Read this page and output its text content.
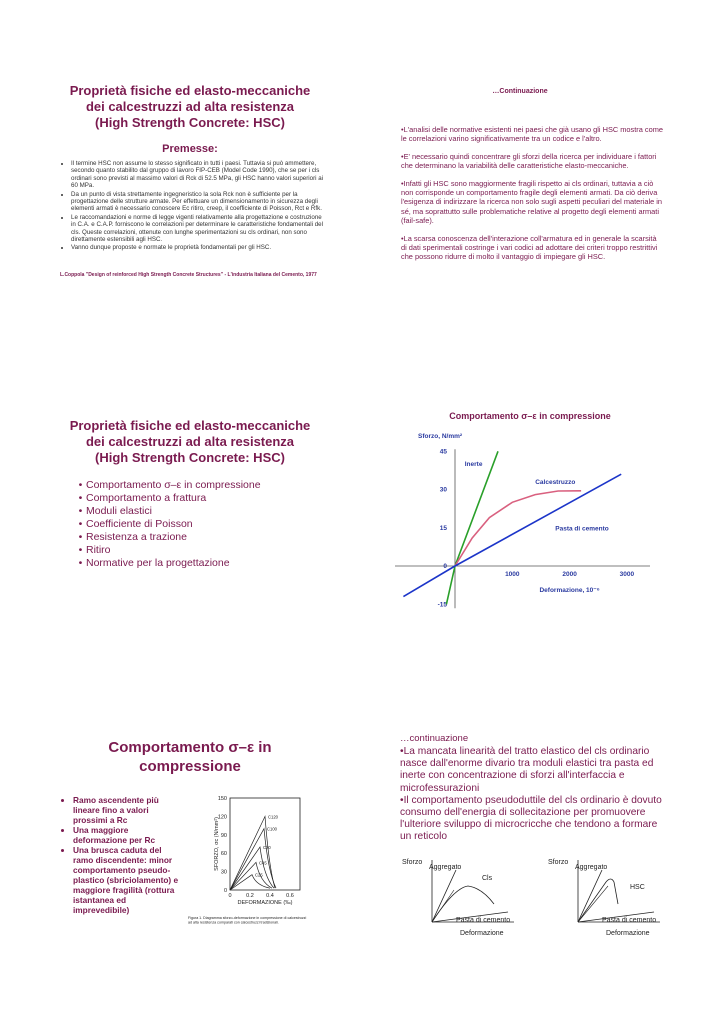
Proprietà fisiche ed elasto-meccaniche
dei calcestruzzi ad alta resistenza
(High Strength Concrete: HSC)
Premesse:
• Il termine HSC non assume lo stesso significato in tutti i paesi. Tuttavia si può ammettere, secondo quanto stabilito dal gruppo di lavoro FIP-CEB (Model Code 1990), che se per i cls ordinari sono previsti al massimo valori di Rck di 52.5 MPa, gli HSC hanno valori superiori ai 60 MPa.
• Da un punto di vista strettamente ingegneristico la sola Rck non è sufficiente per la progettazione delle strutture armate. Per effettuare un dimensionamento in sicurezza degli elementi armati è necessario conoscere Ec ritiro, creep, il coefficiente di Poisson, Rct e Rfk.
• Le raccomandazioni e norme di legge vigenti relativamente alla progettazione e costruzione in C.A. e C.A.P. forniscono le correlazioni per determinare le caratteristiche fondamentali del cls. Queste correlazioni, ottenute con lunghe sperimentazioni su cls ordinari, non sono direttamente estensibili agli HSC.
• Vanno dunque proposte e normate le proprietà fondamentali per gli HSC.
L.Coppola "Design of reinforced High Strength Concrete Structures" - L'industria Italiana del Cemento, 1977
…Continuazione

•L'analisi delle normative esistenti nei paesi che già usano gli HSC mostra come le correlazioni varino significativamente tra un codice e l'altro.

•E' necessario quindi concentrare gli sforzi della ricerca per individuare i fattori che determinano la variabilità delle caratteristiche elasto-meccaniche.

•Infatti gli HSC sono maggiormente fragili rispetto ai cls ordinari, tuttavia a ciò non corrisponde un comportamento fragile degli elementi armati. Da ciò deriva l'esigenza di indirizzare la ricerca non solo sugli aspetti peculiari del materiale in sé, ma soprattutto sulle problematiche relative al progetto degli elementi armati (fail-safe).

•La scarsa conoscenza dell'interazione coll'armatura ed in generale la scarsità di dati sperimentali costringe i vari codici ad adottare dei criteri troppo restrittivi che possono ridurre di molto il vantaggio di impiegare gli HSC.

Proprietà fisiche ed elasto-meccaniche
dei calcestruzzi ad alta resistenza
(High Strength Concrete: HSC)
• Comportamento σ–ε in compressione
• Comportamento a frattura
• Moduli elastici
• Coefficiente di Poisson
• Resistenza a trazione
• Ritiro
• Normative per la progettazione
Comportamento σ–ε in compressione
Sforzo, N/mm²
45
30
15
0
-15
1000	2000	3000
Deformazione, 10⁻⁶
Inerte
Calcestruzzo
Pasta di cemento
Comportamento σ–ε in
compressione
• Ramo ascendente più lineare fino a valori prossimi a Rc
• Una maggiore deformazione per Rc
• Una brusca caduta del ramo discendente: minor comportamento pseudo-plastico (sbriciolamento) e maggiore fragilità (rottura istantanea ed imprevedibile)
150
120
90
60
30
0
0	0.2 0.4 0.6
DEFORMAZIONE (‰)
SFORZO, σc (N/mm²)
C120
C100
C70
C45
C25
Figura 1. Diagramma sforzo-deformazione in compressione di calcestruzzi ad alta resistenza comparati con calcestruzzi tradizionali.
…continuazione

•La mancata linearità del tratto elastico del cls ordinario nasce dall'enorme divario tra moduli elastici tra pasta ed inerte con concentrazione di sforzi all'interfaccia e microfessurazioni

•Il comportamento pseudoduttile del cls ordinario è dovuto consumo dell'energia di sollecitazione per promuovere l'ulteriore sviluppo di microcricche che tendono a formare un reticolo

Sforzo
Aggregato
Cls
Pasta di cemento
Deformazione
Sforzo
Aggregato
HSC
Pasta di cemento
Deformazione
